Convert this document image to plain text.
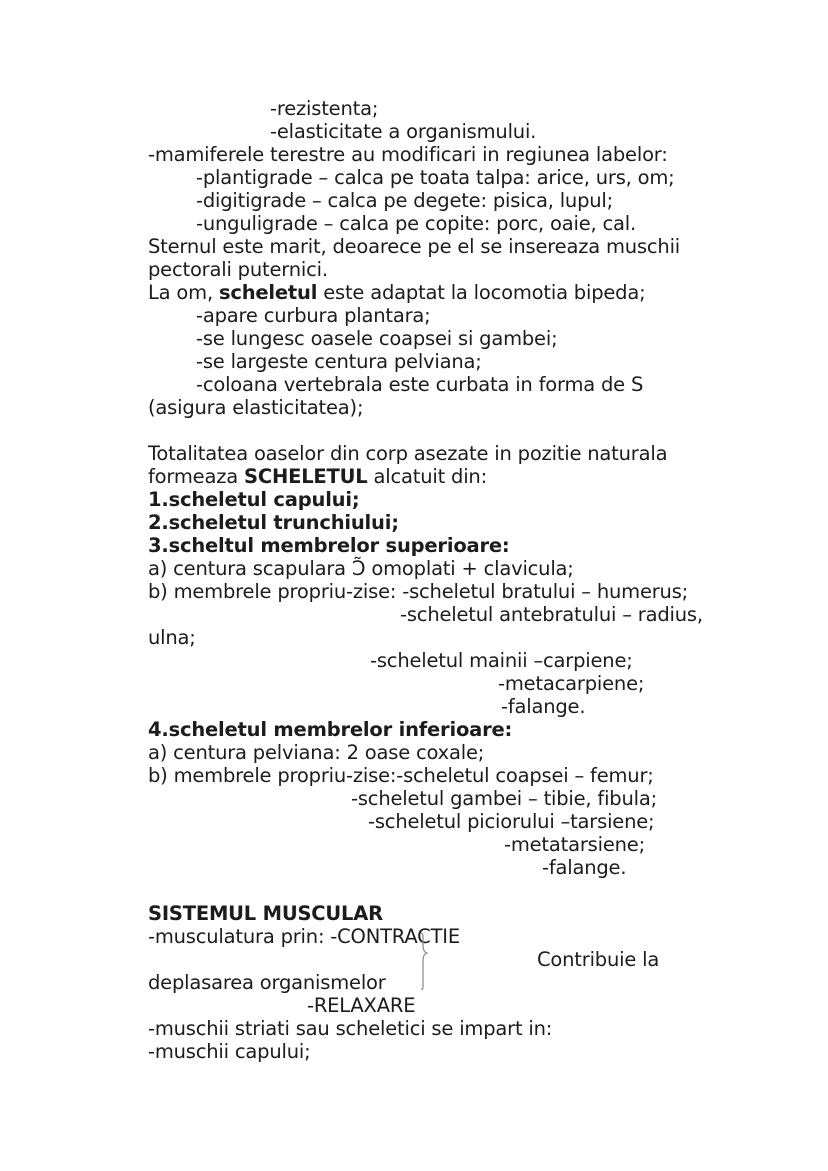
-rezistenta;
-elasticitate a organismului.
-mamiferele terestre au modificari in regiunea labelor:
-plantigrade – calca pe toata talpa: arice, urs, om;
-digitigrade – calca pe degete: pisica, lupul;
-unguligrade – calca pe copite: porc, oaie, cal.
Sternul este marit, deoarece pe el se insereaza muschii
pectorali puternici.
La om, scheletul este adaptat la locomotia bipeda;
-apare curbura plantara;
-se lungesc oasele coapsei si gambei;
-se largeste centura pelviana;
-coloana vertebrala este curbata in forma de S
(asigura elasticitatea);

Totalitatea oaselor din corp asezate in pozitie naturala
formeaza SCHELETUL alcatuit din:
1.scheletul capului;
2.scheletul trunchiului;
3.scheltul membrelor superioare:
a) centura scapulara Ɔ̃ omoplati + clavicula;
b) membrele propriu-zise: -scheletul bratului – humerus;
-scheletul antebratului – radius,
ulna;
-scheletul mainii –carpiene;
-metacarpiene;
-falange.
4.scheletul membrelor inferioare:
a) centura pelviana: 2 oase coxale;
b) membrele propriu-zise:-scheletul coapsei – femur;
-scheletul gambei – tibie, fibula;
-scheletul piciorului –tarsiene;
-metatarsiene;
-falange.

SISTEMUL MUSCULAR
-musculatura prin: -CONTRACTIE
Contribuie la
deplasarea organismelor
-RELAXARE
-muschii striati sau scheletici se impart in:
-muschii capului;
